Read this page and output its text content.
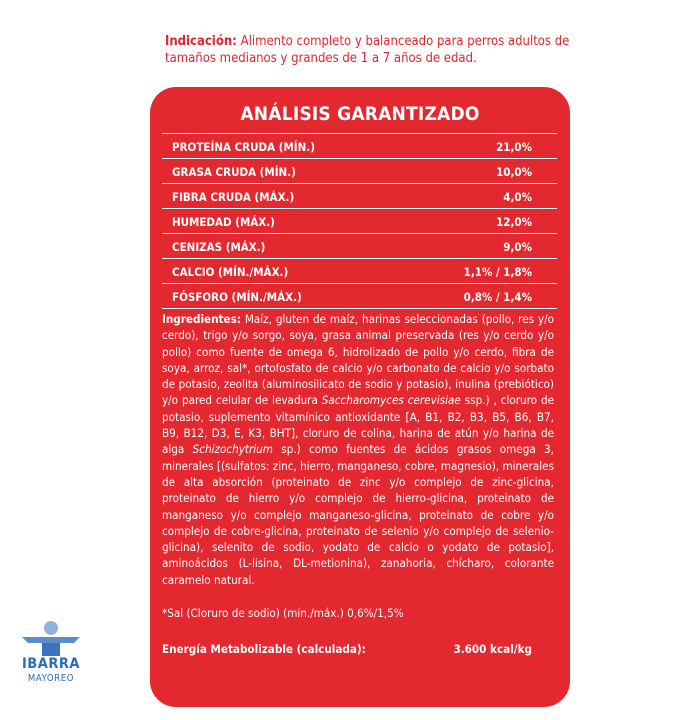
Indicación: Alimento completo y balanceado para perros adultos de tamaños medianos y grandes de 1 a 7 años de edad.
ANÁLISIS GARANTIZADO
PROTEÍNA CRUDA (MÍN.)	21,0%
GRASA CRUDA (MÍN.)	10,0%
FIBRA CRUDA (MÁX.)	4,0%
HUMEDAD (MÁX.)	12,0%
CENIZAS (MÁX.)	9,0%
CALCIO (MÍN./MÁX.)	1,1% / 1,8%
FÓSFORO (MÍN./MÁX.)	0,8% / 1,4%
Ingredientes: Maíz, gluten de maíz, harinas seleccionadas (pollo, res y/o cerdo), trigo y/o sorgo, soya, grasa animal preservada (res y/o cerdo y/o pollo) como fuente de omega 6, hidrolizado de pollo y/o cerdo, fibra de soya, arroz, sal*, ortofosfato de calcio y/o carbonato de calcio y/o sorbato de potasio, zeolita (aluminosilicato de sodio y potasio), inulina (prebiótico) y/o pared celular de levadura Saccharomyces cerevisiae ssp.) , cloruro de potasio, suplemento vitamínico antioxidante [A, B1, B2, B3, B5, B6, B7, B9, B12, D3, E, K3, BHT], cloruro de colina, harina de atún y/o harina de alga Schizochytrium sp.) como fuentes de ácidos grasos omega 3, minerales [(sulfatos: zinc, hierro, manganeso, cobre, magnesio), minerales de alta absorción (proteinato de zinc y/o complejo de zinc-glicina, proteinato de hierro y/o complejo de hierro-glicina, proteinato de manganeso y/o complejo manganeso-glicina, proteinato de cobre y/o complejo de cobre-glicina, proteinato de selenio y/o complejo de selenio-glicina), selenito de sodio, yodato de calcio o yodato de potasio], aminoácidos (L-lisina, DL-metionina), zanahoria, chícharo, colorante caramelo natural.
*Sal (Cloruro de sodio) (mín./máx.) 0,6%/1,5%
Energía Metabolizable (calculada):	3.600 kcal/kg
IBARRA
MAYOREO
